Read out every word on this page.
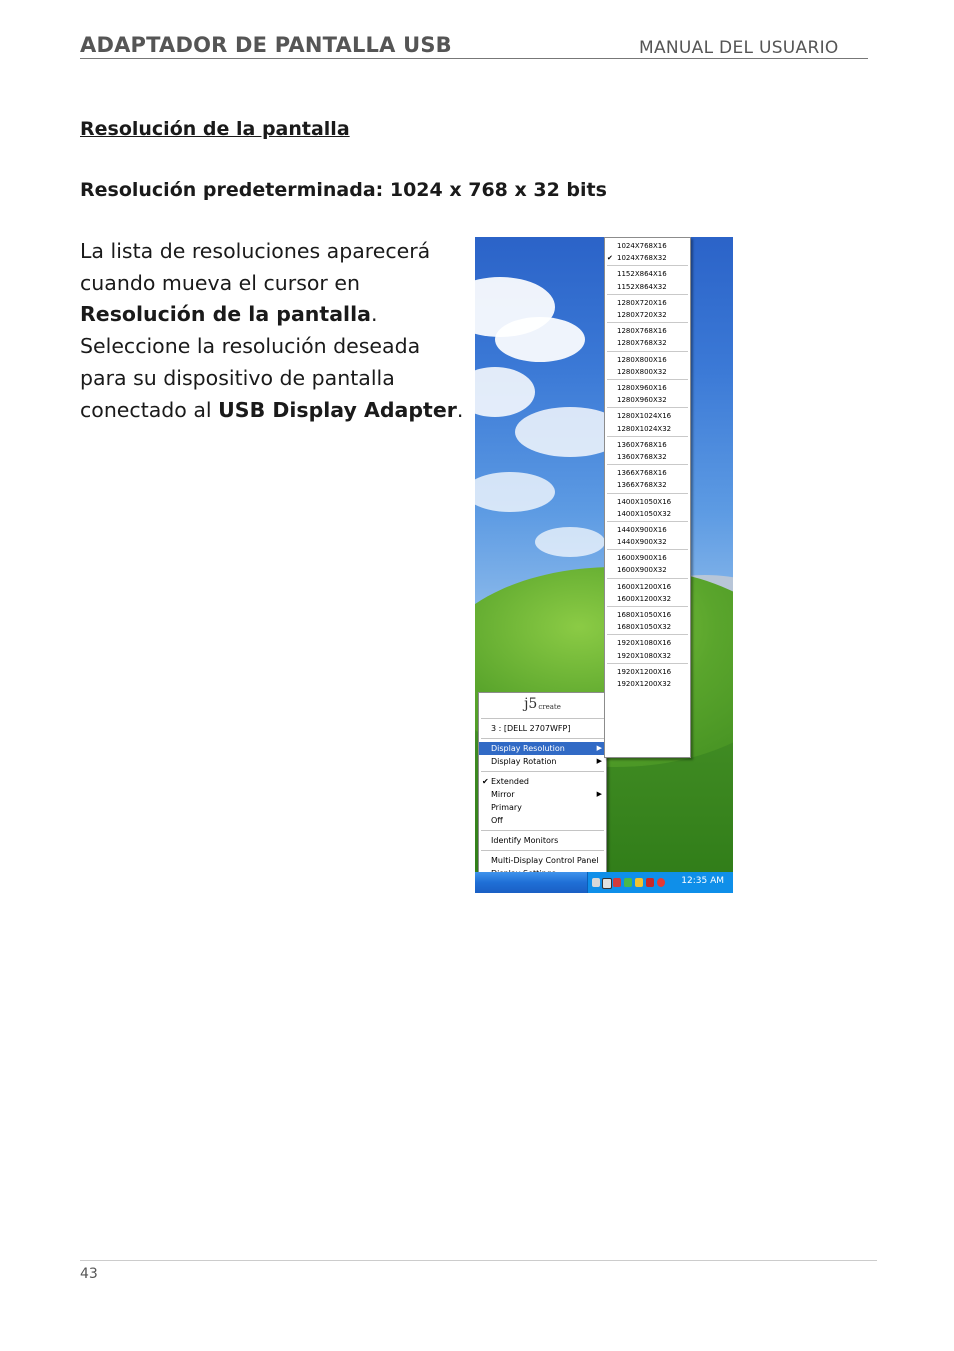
ADAPTADOR DE PANTALLA USB	MANUAL DEL USUARIO
Resolución de la pantalla
Resolución predeterminada: 1024 x 768 x 32 bits
La lista de resoluciones aparecerá cuando mueva el cursor en Resolución de la pantalla. Seleccione la resolución deseada para su dispositivo de pantalla conectado al USB Display Adapter.
j5 create
3 : [DELL 2707WFP]
Display Resolution	▶
Display Rotation	▶
✔ Extended
Mirror	▶
Primary
Off
Identify Monitors
Multi-Display Control Panel
1024X768X16
✔ 1024X768X32
1152X864X16
1152X864X32
1280X720X16
1280X720X32
1280X768X16
1280X768X32
1280X800X16
1280X800X32
1280X960X16
1280X960X32
1280X1024X16
1280X1024X32
1360X768X16
1360X768X32
1366X768X16
1366X768X32
1400X1050X16
1400X1050X32
1440X900X16
1440X900X32
1600X900X16
1600X900X32
1600X1200X16
1600X1200X32
1680X1050X16
1680X1050X32
1920X1080X16
1920X1080X32
1920X1200X16
1920X1200X32
12:35 AM
43
